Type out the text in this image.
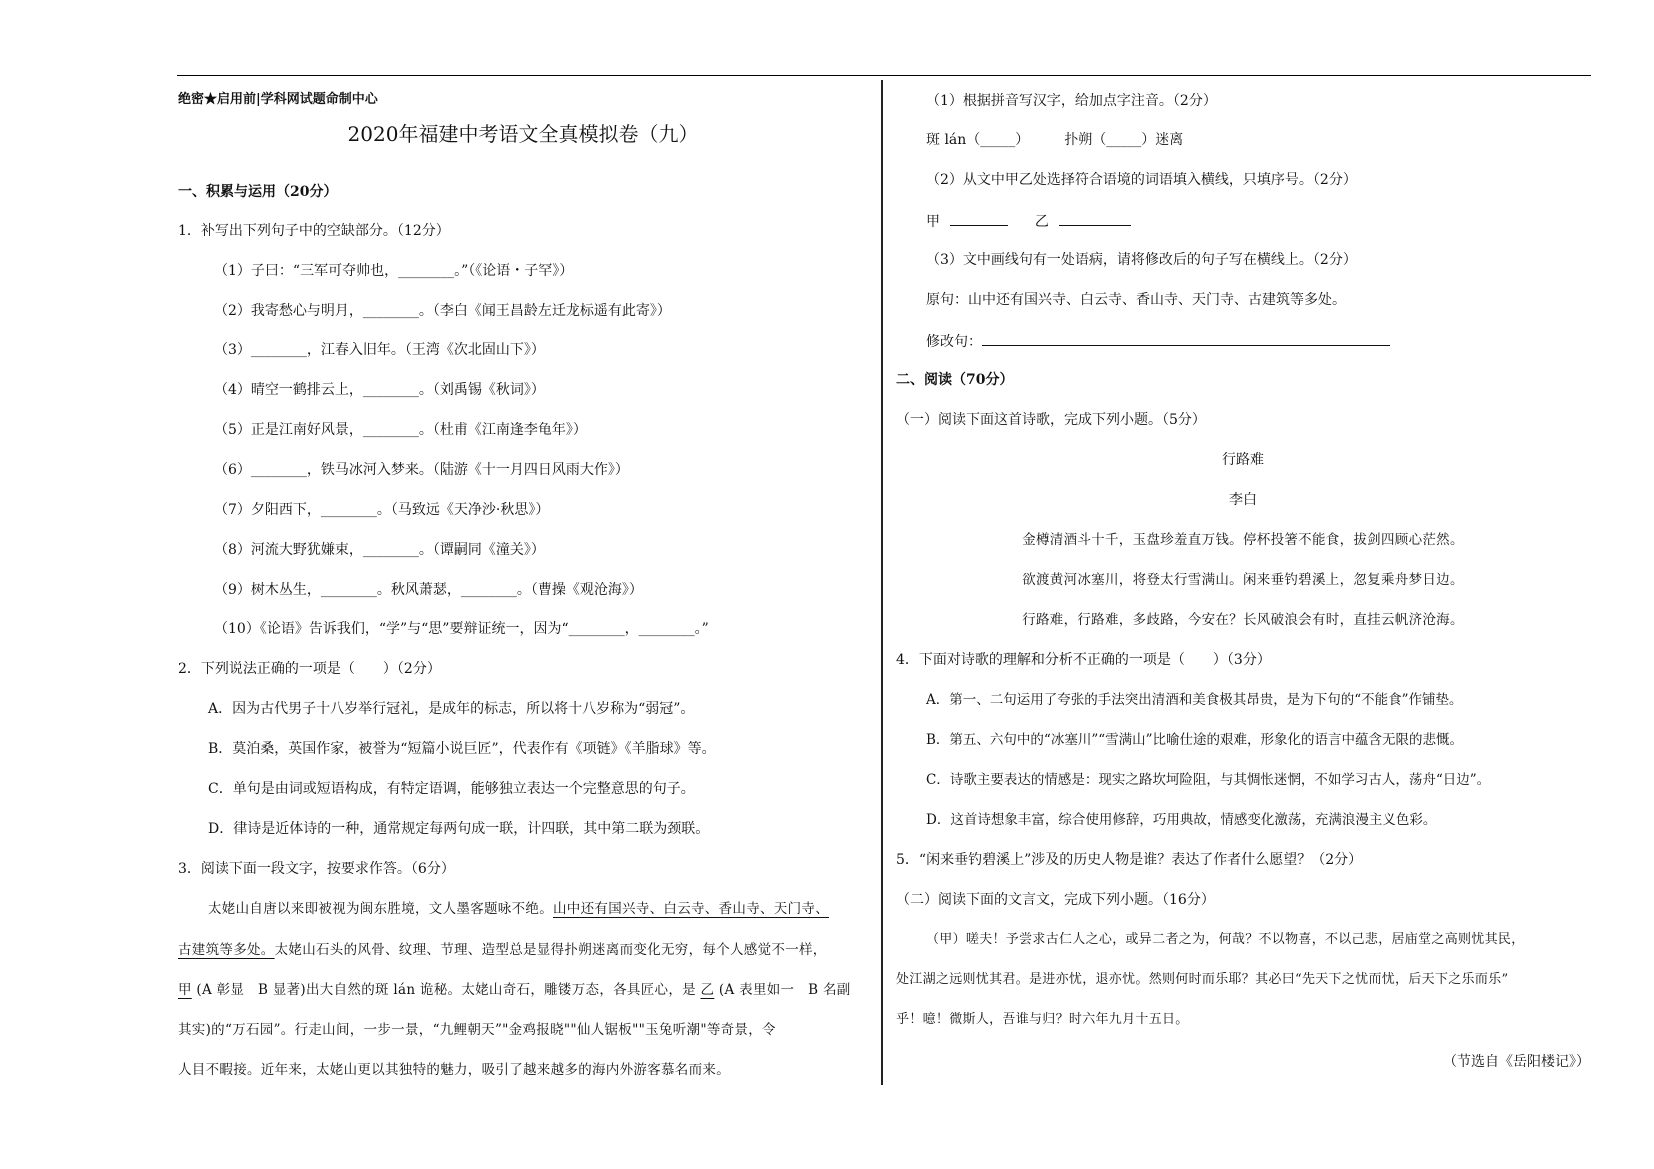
绝密★启用前|学科网试题命制中心
2020年福建中考语文全真模拟卷（九）
一、积累与运用（20分）
1．补写出下列句子中的空缺部分。（12分）
（1）子曰：“三军可夺帅也，________。”（《论语・子罕》）
（2）我寄愁心与明月，________。（李白《闻王昌龄左迁龙标遥有此寄》）
（3）________，江春入旧年。（王湾《次北固山下》）
（4）晴空一鹤排云上，________。（刘禹锡《秋词》）
（5）正是江南好风景，________。（杜甫《江南逢李龟年》）
（6）________，铁马冰河入梦来。（陆游《十一月四日风雨大作》）
（7）夕阳西下，________。（马致远《天净沙·秋思》）
（8）河流大野犹嫌束，________。（谭嗣同《潼关》）
（9）树木丛生，________。秋风萧瑟，________。（曹操《观沧海》）
（10）《论语》告诉我们，“学”与“思”要辩证统一，因为“________，________。”
2．下列说法正确的一项是（　　）（2分）
A．因为古代男子十八岁举行冠礼，是成年的标志，所以将十八岁称为“弱冠”。
B．莫泊桑，英国作家，被誉为“短篇小说巨匠”，代表作有《项链》《羊脂球》等。
C．单句是由词或短语构成，有特定语调，能够独立表达一个完整意思的句子。
D．律诗是近体诗的一种，通常规定每两句成一联，计四联，其中第二联为颈联。
3．阅读下面一段文字，按要求作答。（6分）
太姥山自唐以来即被视为闽东胜境，文人墨客题咏不绝。山中还有国兴寺、白云寺、香山寺、天门寺、
古建筑等多处。太姥山石头的风骨、纹理、节理、造型总是显得扑朔迷离而变化无穷，每个人感觉不一样，
甲 (A 彰显　B 显著)出大自然的斑 lán 诡秘。太姥山奇石，雕镂万态，各具匠心，是 乙 (A 表里如一　B 名副
其实)的“万石园”。行走山间，一步一景，“九鲤朝天”"金鸡报晓""仙人锯板""玉兔听潮"等奇景，令
人目不暇接。近年来，太姥山更以其独特的魅力，吸引了越来越多的海内外游客慕名而来。
（1）根据拼音写汉字，给加点字注音。（2分）
斑 lán（_____）　　　扑朔（_____）迷离
（2）从文中甲乙处选择符合语境的词语填入横线，只填序号。（2分）
甲	乙
（3）文中画线句有一处语病，请将修改后的句子写在横线上。（2分）
原句：山中还有国兴寺、白云寺、香山寺、天门寺、古建筑等多处。
修改句：
二、阅读（70分）
（一）阅读下面这首诗歌，完成下列小题。（5分）
行路难
李白
金樽清酒斗十千，玉盘珍羞直万钱。停杯投箸不能食，拔剑四顾心茫然。
欲渡黄河冰塞川，将登太行雪满山。闲来垂钓碧溪上，忽复乘舟梦日边。
行路难，行路难，多歧路，今安在？长风破浪会有时，直挂云帆济沧海。
4．下面对诗歌的理解和分析不正确的一项是（　　）（3分）
A．第一、二句运用了夸张的手法突出清酒和美食极其昂贵，是为下句的“不能食”作铺垫。
B．第五、六句中的“冰塞川”“雪满山”比喻仕途的艰难，形象化的语言中蕴含无限的悲慨。
C．诗歌主要表达的情感是：现实之路坎坷险阻，与其惆怅迷惘，不如学习古人，荡舟“日边”。
D．这首诗想象丰富，综合使用修辞，巧用典故，情感变化激荡，充满浪漫主义色彩。
5．“闲来垂钓碧溪上”涉及的历史人物是谁？表达了作者什么愿望？（2分）
（二）阅读下面的文言文，完成下列小题。（16分）
（甲）嗟夫！予尝求古仁人之心，或异二者之为，何哉？不以物喜，不以己悲，居庙堂之高则忧其民，
处江湖之远则忧其君。是进亦忧，退亦忧。然则何时而乐耶？其必曰“先天下之忧而忧，后天下之乐而乐”
乎！噫！微斯人，吾谁与归？时六年九月十五日。
（节选自《岳阳楼记》）
